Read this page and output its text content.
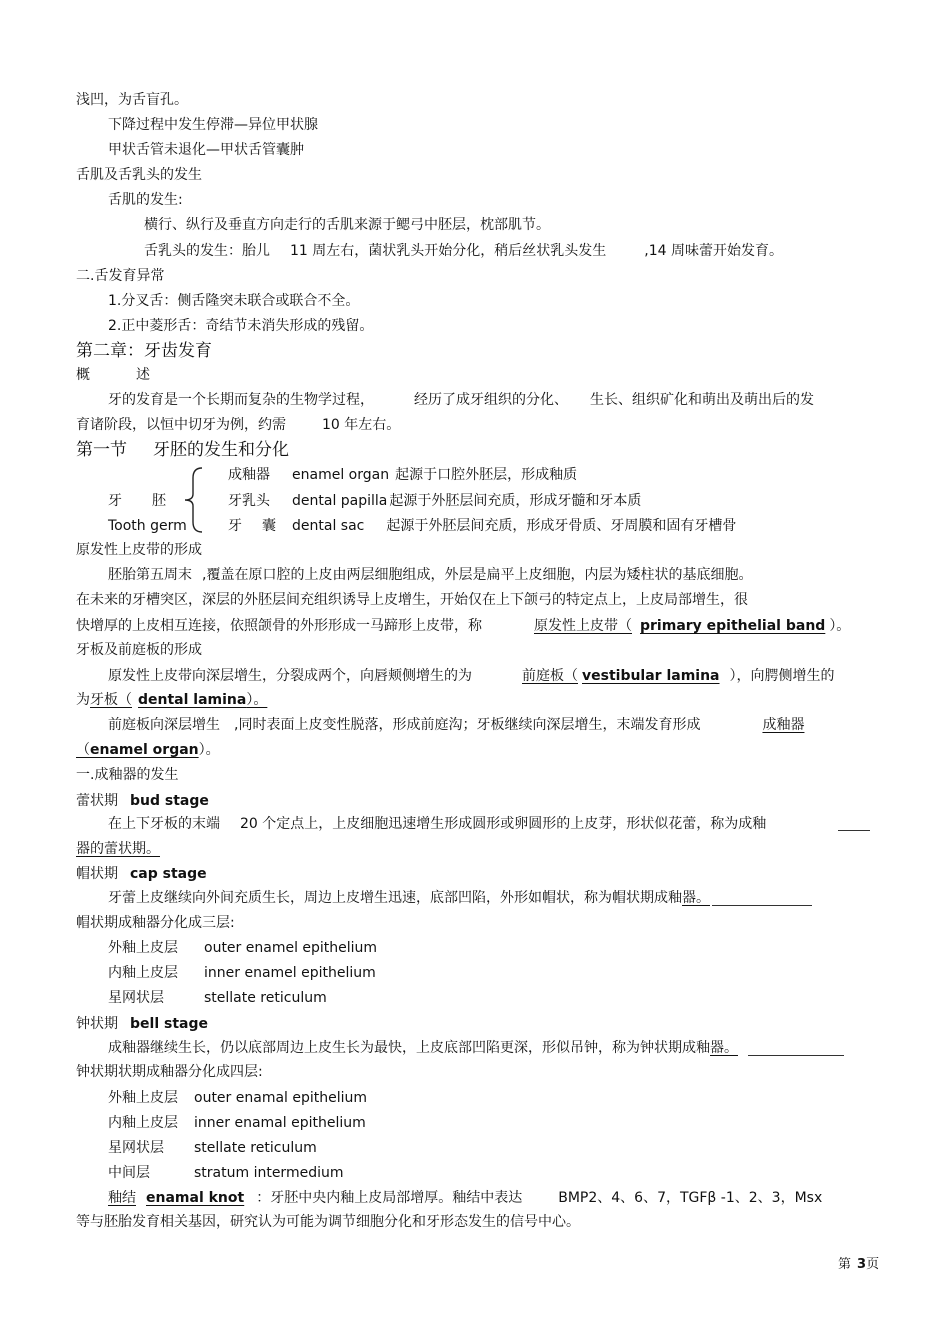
浅凹，为舌盲孔。
下降过程中发生停滞—异位甲状腺
甲状舌管未退化—甲状舌管囊肿
舌肌及舌乳头的发生
舌肌的发生:
横行、纵行及垂直方向走行的舌肌来源于鳃弓中胚层，枕部肌节。
舌乳头的发生：胎儿 11 周左右，菌状乳头开始分化，稍后丝状乳头发生	,14 周味蕾开始发育。
二.舌发育异常
1.分叉舌：侧舌隆突未联合或联合不全。
2.正中菱形舌：奇结节未消失形成的残留。
第二章：牙齿发育
概	述
牙的发育是一个长期而复杂的生物学过程，	经历了成牙组织的分化、 生长、组织矿化和萌出及萌出后的发
育诸阶段，以恒中切牙为例，约需	10 年左右。
第一节 牙胚的发生和分化
牙 胚
Tooth germ
成釉器 enamel organ 起源于口腔外胚层，形成釉质
牙乳头 dental papilla 起源于外胚层间充质，形成牙髓和牙本质
牙 囊 dental sac 起源于外胚层间充质，形成牙骨质、牙周膜和固有牙槽骨
原发性上皮带的形成
胚胎第五周末 ,覆盖在原口腔的上皮由两层细胞组成，外层是扁平上皮细胞，内层为矮柱状的基底细胞。
在未来的牙槽突区，深层的外胚层间充组织诱导上皮增生，开始仅在上下颌弓的特定点上，上皮局部增生，很
快增厚的上皮相互连接，依照颌骨的外形形成一马蹄形上皮带，称	原发性上皮带（ primary epithelial band ）。
牙板及前庭板的形成
原发性上皮带向深层增生，分裂成两个，向唇颊侧增生的为	前庭板（ vestibular lamina ），向腭侧增生的
为牙板（ dental lamina）。
前庭板向深层增生 ,同时表面上皮变性脱落，形成前庭沟；牙板继续向深层增生，末端发育形成	成釉器
（enamel organ）。
一.成釉器的发生
蕾状期 bud stage
在上下牙板的末端 20 个定点上，上皮细胞迅速增生形成圆形或卵圆形的上皮芽，形状似花蕾，称为成釉
器的蕾状期。
帽状期 cap stage
牙蕾上皮继续向外间充质生长，周边上皮增生迅速，底部凹陷，外形如帽状，称为帽状期成釉器。
帽状期成釉器分化成三层:
外釉上皮层 outer enamel epithelium
内釉上皮层 inner enamel epithelium
星网状层	stellate reticulum
钟状期 bell stage
成釉器继续生长，仍以底部周边上皮生长为最快，上皮底部凹陷更深，形似吊钟，称为钟状期成釉器。
钟状期状期成釉器分化成四层:
外釉上皮层 outer enamal epithelium
内釉上皮层 inner enamal epithelium
星网状层 stellate reticulum
中间层	stratum intermedium
釉结 enamal knot ：牙胚中央内釉上皮局部增厚。釉结中表达	BMP2、4、6、7，TGFβ -1、2、3，Msx
等与胚胎发育相关基因，研究认为可能为调节细胞分化和牙形态发生的信号中心。
第 3页
